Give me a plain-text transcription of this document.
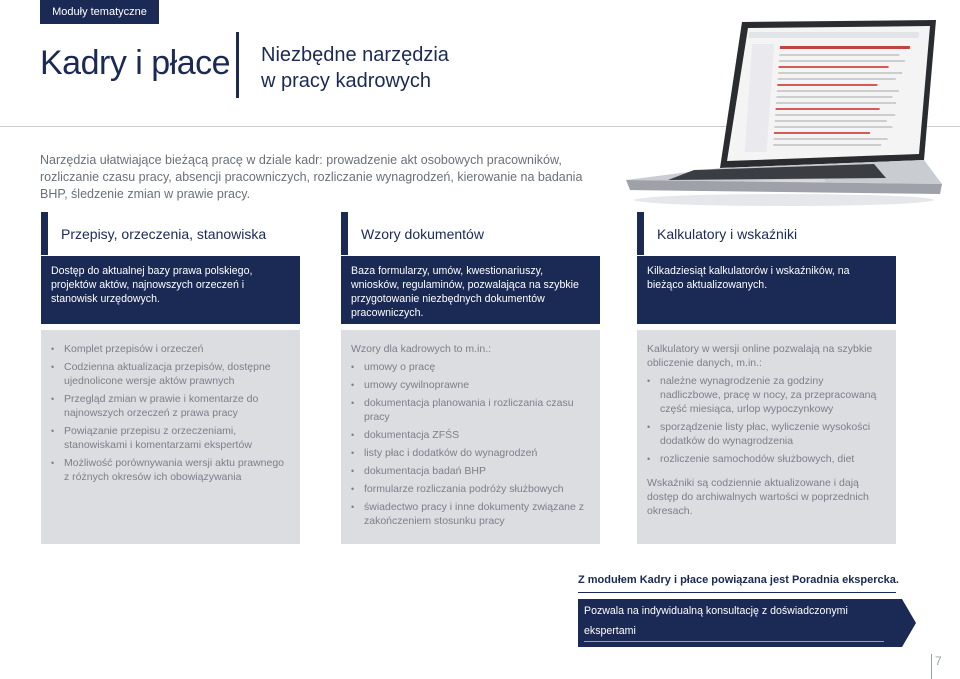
Moduły tematyczne
Kadry i płace Niezbędne narzędzia
w pracy kadrowych
Narzędzia ułatwiające bieżącą pracę w dziale kadr: prowadzenie akt osobowych pracowników, rozliczanie czasu pracy, absencji pracowniczych, rozliczanie wynagrodzeń, kierowanie na badania BHP, śledzenie zmian w prawie pracy.
Przepisy, orzeczenia, stanowiska
Dostęp do aktualnej bazy prawa polskiego, projektów aktów, najnowszych orzeczeń i stanowisk urzędowych.
• Komplet przepisów i orzeczeń
• Codzienna aktualizacja przepisów, dostępne ujednolicone wersje aktów prawnych
• Przegląd zmian w prawie i komentarze do najnowszych orzeczeń z prawa pracy
• Powiązanie przepisu z orzeczeniami, stanowiskami i komentarzami ekspertów
• Możliwość porównywania wersji aktu prawnego z różnych okresów ich obowiązywania
Wzory dokumentów
Baza formularzy, umów, kwestionariuszy, wniosków, regulaminów, pozwalająca na szybkie przygotowanie niezbędnych dokumentów pracowniczych.

Wzory dla kadrowych to m.in.:

• umowy o pracę
• umowy cywilnoprawne
• dokumentacja planowania i rozliczania czasu pracy
• dokumentacja ZFŚS
• listy płac i dodatków do wynagrodzeń
• dokumentacja badań BHP
• formularze rozliczania podróży służbowych
• świadectwo pracy i inne dokumenty związane z zakończeniem stosunku pracy
Kalkulatory i wskaźniki
Kilkadziesiąt kalkulatorów i wskaźników, na bieżąco aktualizowanych.

Kalkulatory w wersji online pozwalają na szybkie obliczenie danych, m.in.:

• należne wynagrodzenie za godziny nadliczbowe, pracę w nocy, za przepracowaną część miesiąca, urlop wypoczynkowy
• sporządzenie listy płac, wyliczenie wysokości dodatków do wynagrodzenia
• rozliczenie samochodów służbowych, diet

Wskaźniki są codziennie aktualizowane i dają dostęp do archiwalnych wartości w poprzednich okresach.

Z modułem Kadry i płace powiązana jest Poradnia ekspercka.
Pozwala na indywidualną konsultację z doświadczonymi ekspertami
z zakresu prawa pracy. Więcej informacji na str. 9.
7
